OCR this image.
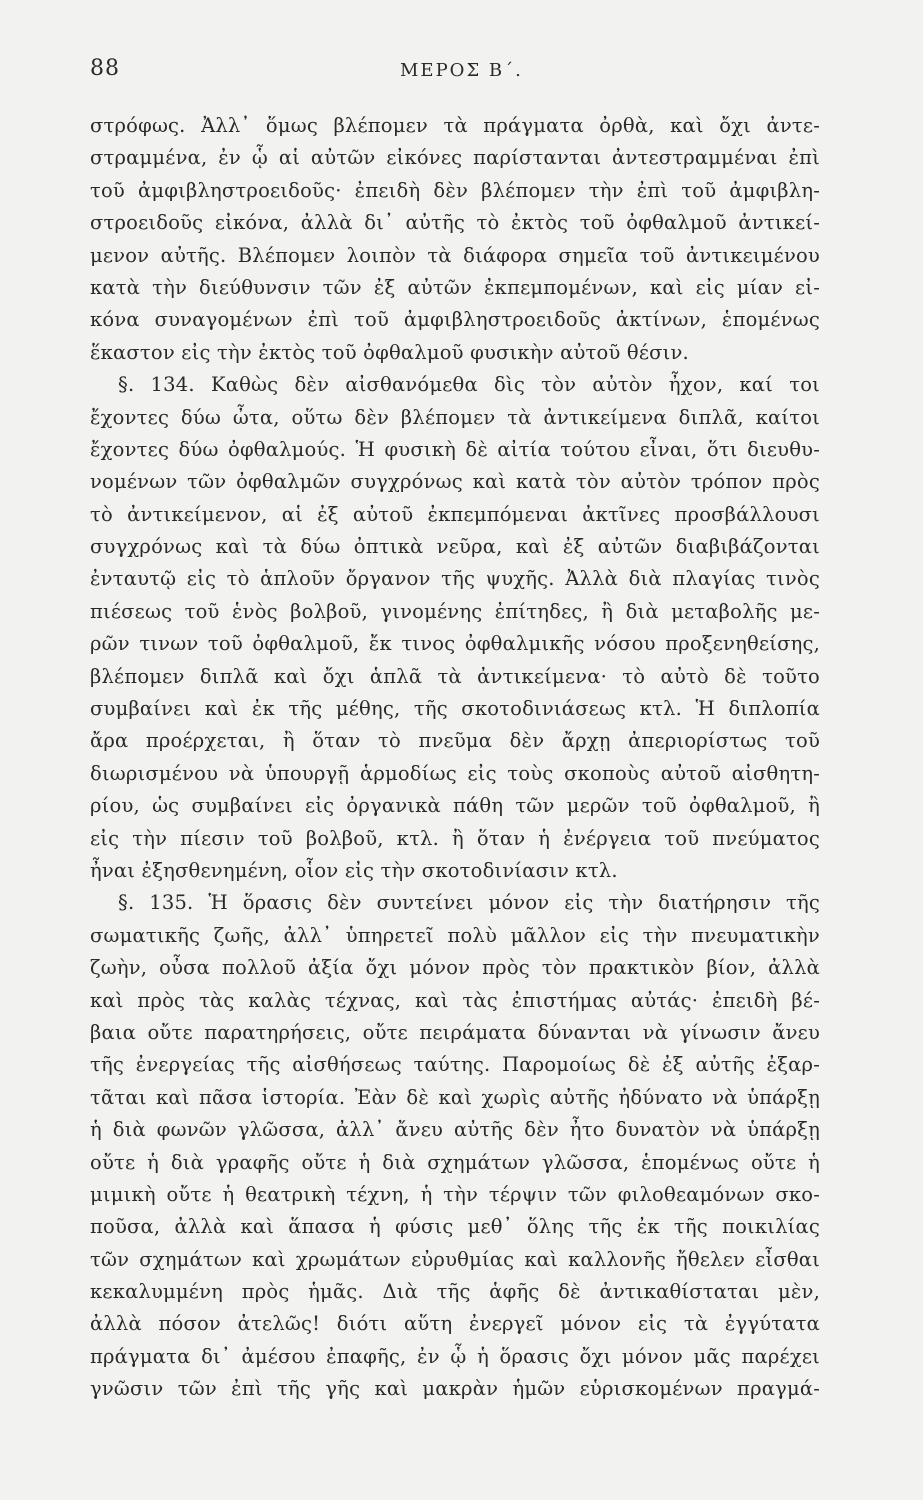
88	ΜΕΡΟΣ Β΄.
στρόφως. Ἀλλ᾽ ὅμως βλέπομεν τὰ πράγματα ὀρθὰ, καὶ ὄχι ἀντε-
στραμμένα, ἐν ᾧ αἱ αὐτῶν εἰκόνες παρίστανται ἀντεστραμμέναι ἐπὶ
τοῦ ἀμφιβληστροειδοῦς· ἐπειδὴ δὲν βλέπομεν τὴν ἐπὶ τοῦ ἀμφιβλη-
στροειδοῦς εἰκόνα, ἀλλὰ δι᾽ αὐτῆς τὸ ἐκτὸς τοῦ ὀφθαλμοῦ ἀντικεί-
μενον αὐτῆς. Βλέπομεν λοιπὸν τὰ διάφορα σημεῖα τοῦ ἀντικειμένου
κατὰ τὴν διεύθυνσιν τῶν ἐξ αὐτῶν ἐκπεμπομένων, καὶ εἰς μίαν εἰ-
κόνα συναγομένων ἐπὶ τοῦ ἀμφιβληστροειδοῦς ἀκτίνων, ἑπομένως
ἕκαστον εἰς τὴν ἐκτὸς τοῦ ὀφθαλμοῦ φυσικὴν αὐτοῦ θέσιν.
§. 134. Καθὼς δὲν αἰσθανόμεθα δὶς τὸν αὐτὸν ἦχον, καί τοι
ἔχοντες δύω ὦτα, οὕτω δὲν βλέπομεν τὰ ἀντικείμενα διπλᾶ, καίτοι
ἔχοντες δύω ὀφθαλμούς. Ἡ φυσικὴ δὲ αἰτία τούτου εἶναι, ὅτι διευθυ-
νομένων τῶν ὀφθαλμῶν συγχρόνως καὶ κατὰ τὸν αὐτὸν τρόπον πρὸς
τὸ ἀντικείμενον, αἱ ἐξ αὐτοῦ ἐκπεμπόμεναι ἀκτῖνες προσβάλλουσι
συγχρόνως καὶ τὰ δύω ὀπτικὰ νεῦρα, καὶ ἐξ αὐτῶν διαβιβάζονται
ἐνταυτῷ εἰς τὸ ἁπλοῦν ὄργανον τῆς ψυχῆς. Ἀλλὰ διὰ πλαγίας τινὸς
πιέσεως τοῦ ἑνὸς βολβοῦ, γινομένης ἐπίτηδες, ἢ διὰ μεταβολῆς με-
ρῶν τινων τοῦ ὀφθαλμοῦ, ἔκ τινος ὀφθαλμικῆς νόσου προξενηθείσης,
βλέπομεν διπλᾶ καὶ ὄχι ἁπλᾶ τὰ ἀντικείμενα· τὸ αὐτὸ δὲ τοῦτο
συμβαίνει καὶ ἐκ τῆς μέθης, τῆς σκοτοδινιάσεως κτλ. Ἡ διπλοπία
ἄρα προέρχεται, ἢ ὅταν τὸ πνεῦμα δὲν ἄρχῃ ἀπεριορίστως τοῦ
διωρισμένου νὰ ὑπουργῇ ἁρμοδίως εἰς τοὺς σκοποὺς αὐτοῦ αἰσθητη-
ρίου, ὡς συμβαίνει εἰς ὀργανικὰ πάθη τῶν μερῶν τοῦ ὀφθαλμοῦ, ἢ
εἰς τὴν πίεσιν τοῦ βολβοῦ, κτλ. ἢ ὅταν ἡ ἐνέργεια τοῦ πνεύματος
ἦναι ἐξησθενημένη, οἷον εἰς τὴν σκοτοδινίασιν κτλ.
§. 135. Ἡ ὅρασις δὲν συντείνει μόνον εἰς τὴν διατήρησιν τῆς
σωματικῆς ζωῆς, ἀλλ᾽ ὑπηρετεῖ πολὺ μᾶλλον εἰς τὴν πνευματικὴν
ζωὴν, οὖσα πολλοῦ ἀξία ὄχι μόνον πρὸς τὸν πρακτικὸν βίον, ἀλλὰ
καὶ πρὸς τὰς καλὰς τέχνας, καὶ τὰς ἐπιστήμας αὐτάς· ἐπειδὴ βέ-
βαια οὔτε παρατηρήσεις, οὔτε πειράματα δύνανται νὰ γίνωσιν ἄνευ
τῆς ἐνεργείας τῆς αἰσθήσεως ταύτης. Παρομοίως δὲ ἐξ αὐτῆς ἐξαρ-
τᾶται καὶ πᾶσα ἱστορία. Ἐὰν δὲ καὶ χωρὶς αὐτῆς ἠδύνατο νὰ ὑπάρξῃ
ἡ διὰ φωνῶν γλῶσσα, ἀλλ᾽ ἄνευ αὐτῆς δὲν ἦτο δυνατὸν νὰ ὑπάρξῃ
οὔτε ἡ διὰ γραφῆς οὔτε ἡ διὰ σχημάτων γλῶσσα, ἑπομένως οὔτε ἡ
μιμικὴ οὔτε ἡ θεατρικὴ τέχνη, ἡ τὴν τέρψιν τῶν φιλοθεαμόνων σκο-
ποῦσα, ἀλλὰ καὶ ἅπασα ἡ φύσις μεθ᾽ ὅλης τῆς ἐκ τῆς ποικιλίας
τῶν σχημάτων καὶ χρωμάτων εὐρυθμίας καὶ καλλονῆς ἤθελεν εἶσθαι
κεκαλυμμένη πρὸς ἡμᾶς. Διὰ τῆς ἁφῆς δὲ ἀντικαθίσταται μὲν,
ἀλλὰ πόσον ἀτελῶς! διότι αὕτη ἐνεργεῖ μόνον εἰς τὰ ἐγγύτατα
πράγματα δι᾽ ἀμέσου ἐπαφῆς, ἐν ᾧ ἡ ὅρασις ὄχι μόνον μᾶς παρέχει
γνῶσιν τῶν ἐπὶ τῆς γῆς καὶ μακρὰν ἡμῶν εὑρισκομένων πραγμά-
